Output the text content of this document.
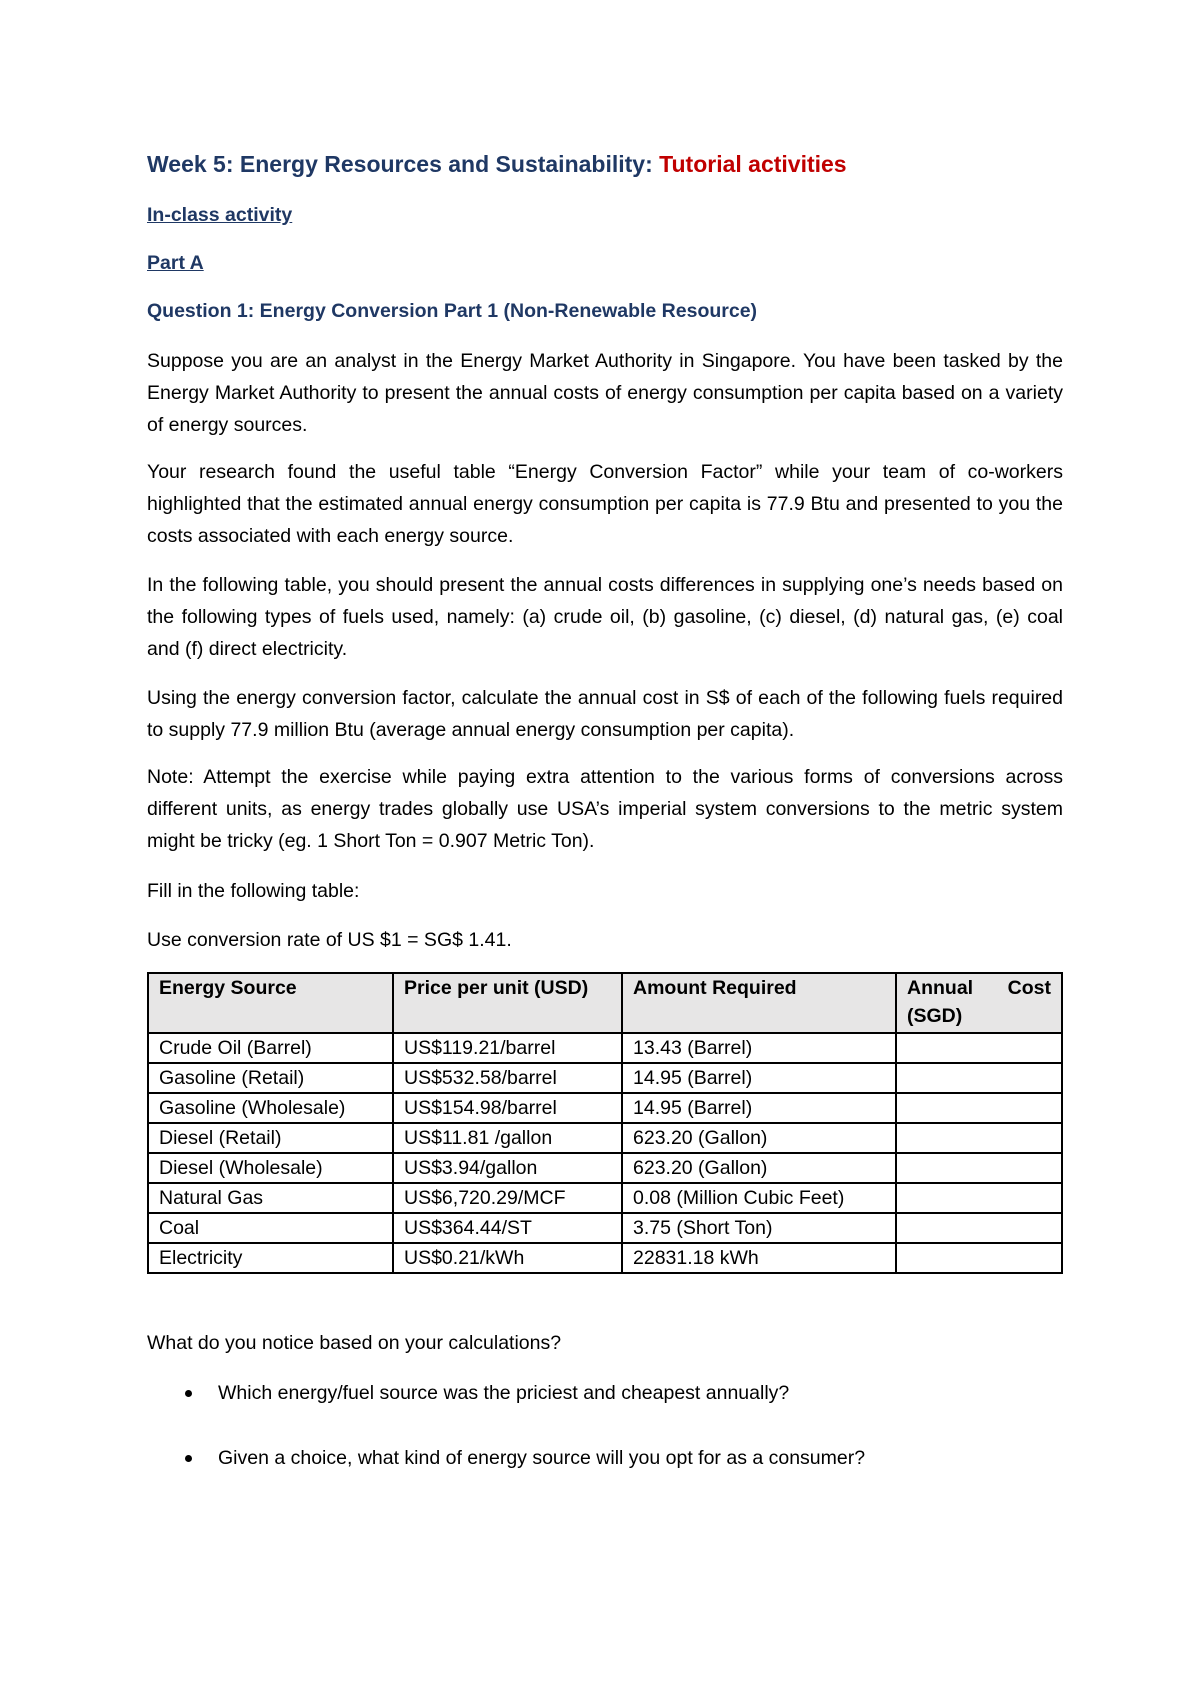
Week 5: Energy Resources and Sustainability: Tutorial activities
In-class activity
Part A
Question 1: Energy Conversion Part 1 (Non-Renewable Resource)
Suppose you are an analyst in the Energy Market Authority in Singapore. You have been tasked by the Energy Market Authority to present the annual costs of energy consumption per capita based on a variety of energy sources.
Your research found the useful table “Energy Conversion Factor” while your team of co-workers highlighted that the estimated annual energy consumption per capita is 77.9 Btu and presented to you the costs associated with each energy source.
In the following table, you should present the annual costs differences in supplying one’s needs based on the following types of fuels used, namely: (a) crude oil, (b) gasoline, (c) diesel, (d) natural gas, (e) coal and (f) direct electricity.
Using the energy conversion factor, calculate the annual cost in S$ of each of the following fuels required to supply 77.9 million Btu (average annual energy consumption per capita).
Note: Attempt the exercise while paying extra attention to the various forms of conversions across different units, as energy trades globally use USA’s imperial system conversions to the metric system might be tricky (eg. 1 Short Ton = 0.907 Metric Ton).
Fill in the following table:
Use conversion rate of US $1 = SG$ 1.41.
Energy Source	Price per unit (USD)	Amount Required	Annual Cost (SGD)
Crude Oil (Barrel)	US$119.21/barrel	13.43 (Barrel)	
Gasoline (Retail)	US$532.58/barrel	14.95 (Barrel)	
Gasoline (Wholesale)	US$154.98/barrel	14.95 (Barrel)	
Diesel (Retail)	US$11.81 /gallon	623.20 (Gallon)	
Diesel (Wholesale)	US$3.94/gallon	623.20 (Gallon)	
Natural Gas	US$6,720.29/MCF	0.08 (Million Cubic Feet)	
Coal	US$364.44/ST	3.75 (Short Ton)	
Electricity	US$0.21/kWh	22831.18 kWh	
What do you notice based on your calculations?
Which energy/fuel source was the priciest and cheapest annually?
Given a choice, what kind of energy source will you opt for as a consumer?
